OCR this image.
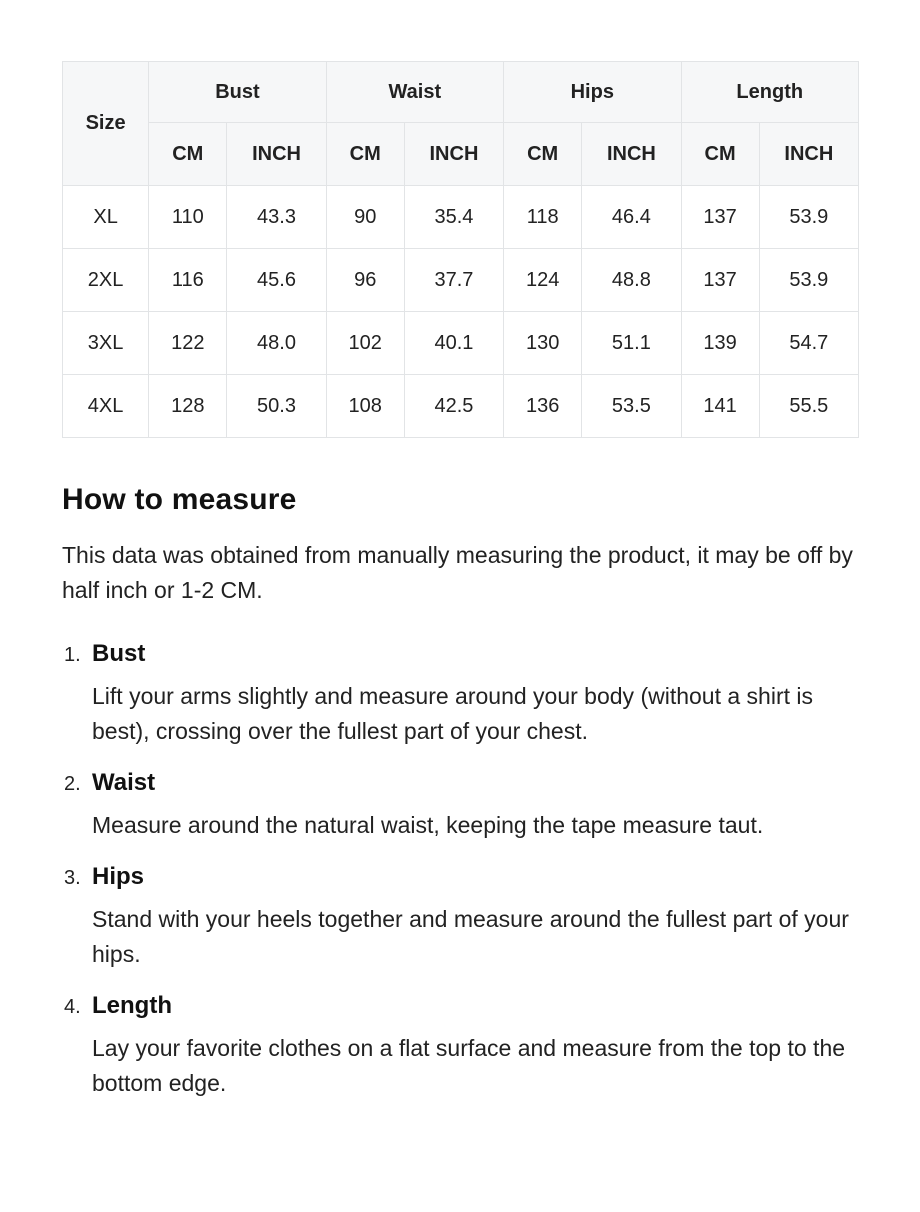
Size	Bust		Waist		Hips		Length	
	CM	INCH	CM	INCH	CM	INCH	CM	INCH
XL	110	43.3	90	35.4	118	46.4	137	53.9
2XL	116	45.6	96	37.7	124	48.8	137	53.9
3XL	122	48.0	102	40.1	130	51.1	139	54.7
4XL	128	50.3	108	42.5	136	53.5	141	55.5
How to measure

This data was obtained from manually measuring the product, it may be off by half inch or 1-2 CM.

1. Bust
Lift your arms slightly and measure around your body (without a shirt is best), crossing over the fullest part of your chest.
2. Waist
Measure around the natural waist, keeping the tape measure taut.
3. Hips
Stand with your heels together and measure around the fullest part of your hips.
4. Length
Lay your favorite clothes on a flat surface and measure from the top to the bottom edge.
